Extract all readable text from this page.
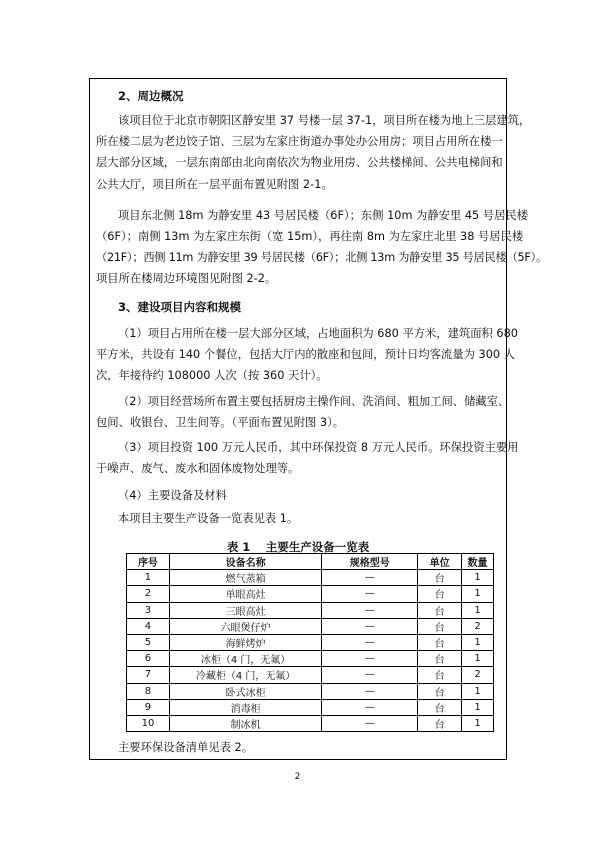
2、周边概况
该项目位于北京市朝阳区静安里 37 号楼一层 37-1，项目所在楼为地上三层建筑，
所在楼二层为老边饺子馆、三层为左家庄街道办事处办公用房；项目占用所在楼一
层大部分区域，一层东南部由北向南依次为物业用房、公共楼梯间、公共电梯间和
公共大厅，项目所在一层平面布置见附图 2-1。
项目东北侧 18m 为静安里 43 号居民楼（6F）；东侧 10m 为静安里 45 号居民楼
（6F）；南侧 13m 为左家庄东街（宽 15m），再往南 8m 为左家庄北里 38 号居民楼
（21F）；西侧 11m 为静安里 39 号居民楼（6F）；北侧 13m 为静安里 35 号居民楼（5F）。
项目所在楼周边环境图见附图 2-2。
3、建设项目内容和规模
（1）项目占用所在楼一层大部分区域，占地面积为 680 平方米，建筑面积 680
平方米，共设有 140 个餐位，包括大厅内的散座和包间，预计日均客流量为 300 人
次，年接待约 108000 人次（按 360 天计）。
（2）项目经营场所布置主要包括厨房主操作间、洗消间、粗加工间、储藏室、
包间、收银台、卫生间等。（平面布置见附图 3）。
（3）项目投资 100 万元人民币，其中环保投资 8 万元人民币。环保投资主要用
于噪声、废气、废水和固体废物处理等。
（4）主要设备及材料
本项目主要生产设备一览表见表 1。
表 1　 主要生产设备一览表
序号	设备名称	规格型号	单位	数量
1	燃气蒸箱	—	台	1
2	单眼高灶	—	台	1
3	三眼高灶	—	台	1
4	六眼煲仔炉	—	台	2
5	海鲜烤炉	—	台	1
6	冰柜（4 门，无氟）	—	台	1
7	冷藏柜（4 门，无氟）	—	台	2
8	卧式冰柜	—	台	1
9	消毒柜	—	台	1
10	制冰机	—	台	1
主要环保设备清单见表 2。
2
